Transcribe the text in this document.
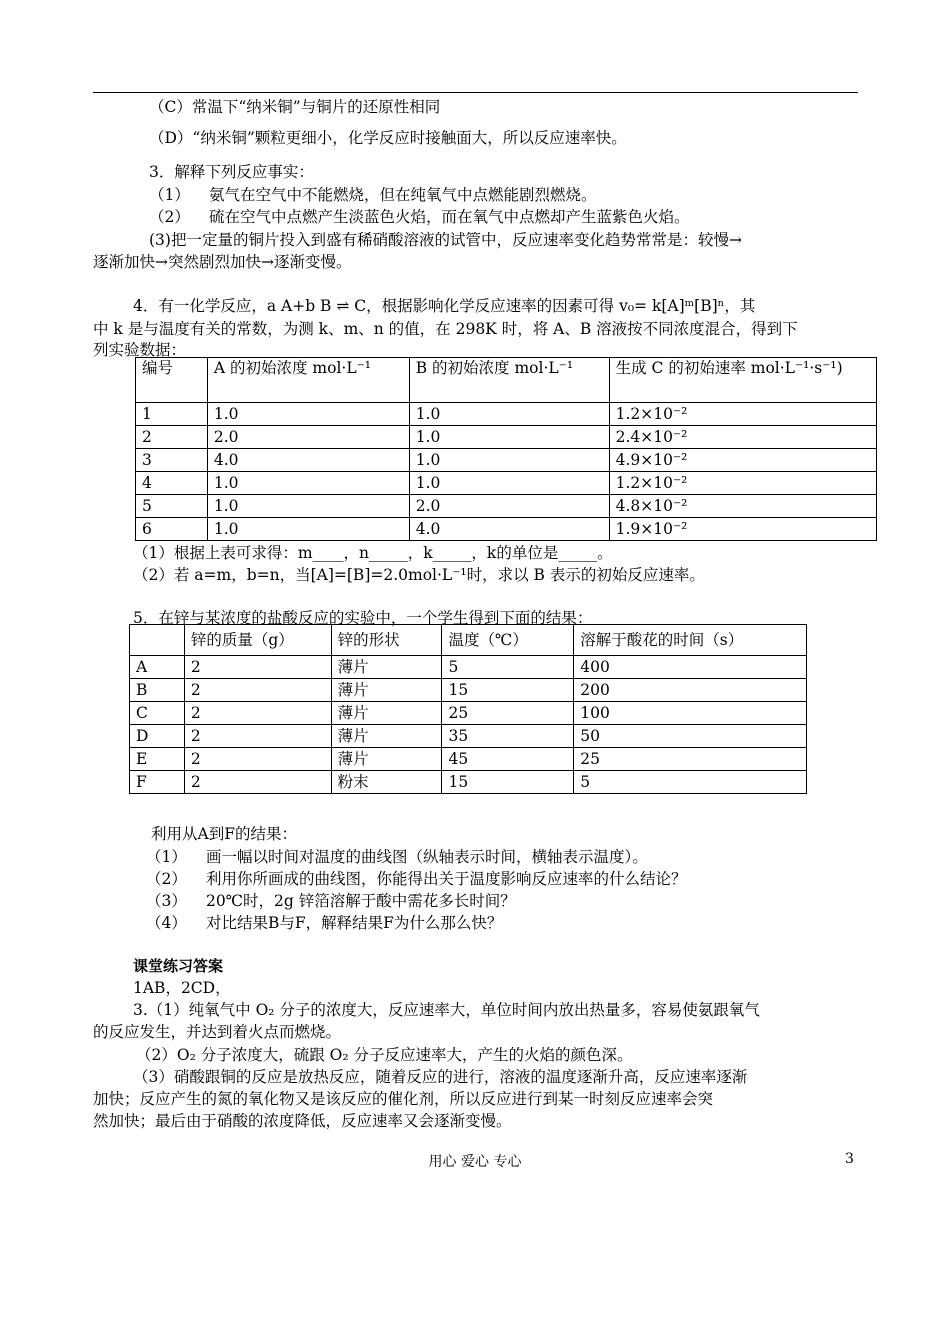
（C）常温下“纳米铜”与铜片的还原性相同
（D）“纳米铜”颗粒更细小，化学反应时接触面大，所以反应速率快。
3．解释下列反应事实：
（1） 氨气在空气中不能燃烧，但在纯氧气中点燃能剧烈燃烧。
（2） 硫在空气中点燃产生淡蓝色火焰，而在氧气中点燃却产生蓝紫色火焰。
(3)把一定量的铜片投入到盛有稀硝酸溶液的试管中，反应速率变化趋势常常是：较慢→
逐渐加快→突然剧烈加快→逐渐变慢。
4．有一化学反应，a A+b B ⇌ C，根据影响化学反应速率的因素可得 v₀= k[A]ᵐ[B]ⁿ，其
中 k 是与温度有关的常数，为测 k、m、n 的值，在 298K 时，将 A、B 溶液按不同浓度混合，得到下
列实验数据：
编号	A 的初始浓度 mol·L⁻¹	B 的初始浓度 mol·L⁻¹	生成 C 的初始速率 mol·L⁻¹·s⁻¹)
1	1.0	1.0	1.2×10⁻²
2	2.0	1.0	2.4×10⁻²
3	4.0	1.0	4.9×10⁻²
4	1.0	1.0	1.2×10⁻²
5	1.0	2.0	4.8×10⁻²
6	1.0	4.0	1.9×10⁻²
（1）根据上表可求得：m____，n_____，k_____，k的单位是_____。
（2）若 a=m，b=n，当[A]=[B]=2.0mol·L⁻¹时，求以 B 表示的初始反应速率。
5．在锌与某浓度的盐酸反应的实验中，一个学生得到下面的结果：
	锌的质量（g）	锌的形状	温度（℃）	溶解于酸花的时间（s）
A	2	薄片	5	400
B	2	薄片	15	200
C	2	薄片	25	100
D	2	薄片	35	50
E	2	薄片	45	25
F	2	粉末	15	5
利用从A到F的结果：
（1） 画一幅以时间对温度的曲线图（纵轴表示时间，横轴表示温度）。
（2） 利用你所画成的曲线图，你能得出关于温度影响反应速率的什么结论？
（3） 20℃时，2g 锌箔溶解于酸中需花多长时间？
（4） 对比结果B与F，解释结果F为什么那么快？
课堂练习答案
1AB，2CD，
3.（1）纯氧气中 O₂ 分子的浓度大，反应速率大，单位时间内放出热量多，容易使氨跟氧气
的反应发生，并达到着火点而燃烧。
（2）O₂ 分子浓度大，硫跟 O₂ 分子反应速率大，产生的火焰的颜色深。
（3）硝酸跟铜的反应是放热反应，随着反应的进行，溶液的温度逐渐升高，反应速率逐渐
加快；反应产生的氮的氧化物又是该反应的催化剂，所以反应进行到某一时刻反应速率会突
然加快；最后由于硝酸的浓度降低，反应速率又会逐渐变慢。
用心 爱心 专心	3
